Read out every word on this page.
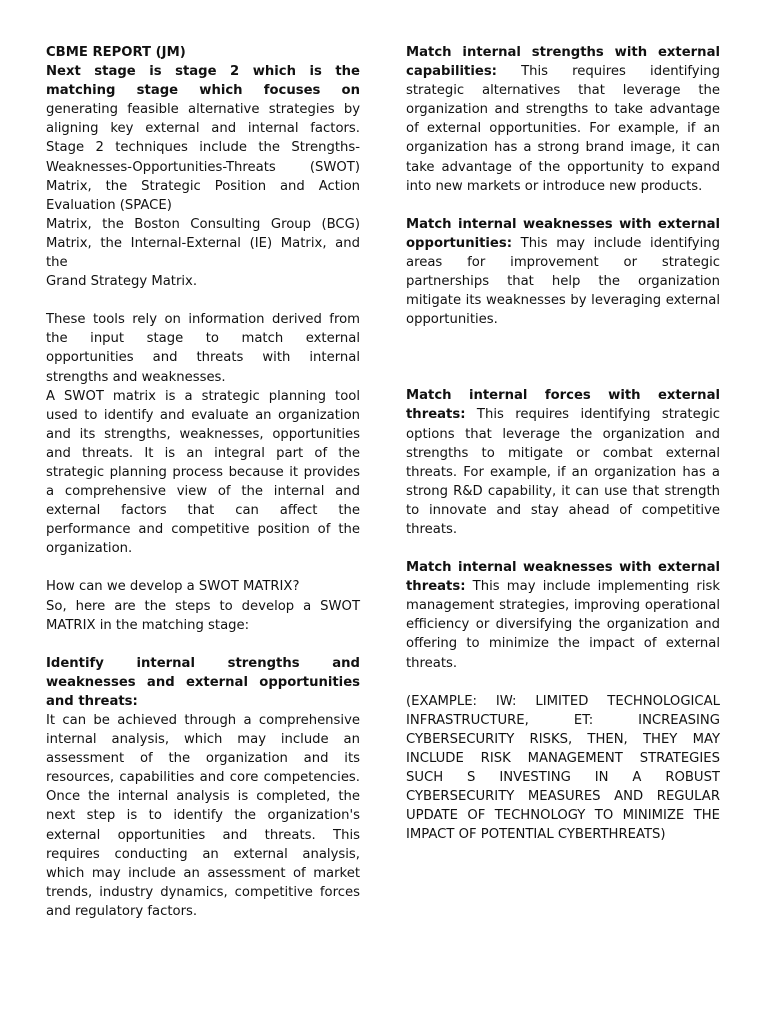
CBME REPORT (JM)

Next stage is stage 2 which is the matching stage which focuses on generating feasible alternative strategies by aligning key external and internal factors. Stage 2 techniques include the Strengths-Weaknesses-Opportunities-Threats (SWOT) Matrix, the Strategic Position and Action Evaluation (SPACE)

Matrix, the Boston Consulting Group (BCG) Matrix, the Internal-External (IE) Matrix, and the

Grand Strategy Matrix.

These tools rely on information derived from the input stage to match external opportunities and threats with internal strengths and weaknesses.

A SWOT matrix is a strategic planning tool used to identify and evaluate an organization and its strengths, weaknesses, opportunities and threats. It is an integral part of the strategic planning process because it provides a comprehensive view of the internal and external factors that can affect the performance and competitive position of the organization.

How can we develop a SWOT MATRIX?

So, here are the steps to develop a SWOT MATRIX in the matching stage:

Identify internal strengths and weaknesses and external opportunities and threats:

It can be achieved through a comprehensive internal analysis, which may include an assessment of the organization and its resources, capabilities and core competencies. Once the internal analysis is completed, the next step is to identify the organization's external opportunities and threats. This requires conducting an external analysis, which may include an assessment of market trends, industry dynamics, competitive forces and regulatory factors.

Match internal strengths with external capabilities: This requires identifying strategic alternatives that leverage the organization and strengths to take advantage of external opportunities. For example, if an organization has a strong brand image, it can take advantage of the opportunity to expand into new markets or introduce new products.

Match internal weaknesses with external opportunities: This may include identifying areas for improvement or strategic partnerships that help the organization mitigate its weaknesses by leveraging external opportunities.

Match internal forces with external threats: This requires identifying strategic options that leverage the organization and strengths to mitigate or combat external threats. For example, if an organization has a strong R&D capability, it can use that strength to innovate and stay ahead of competitive threats.

Match internal weaknesses with external threats: This may include implementing risk management strategies, improving operational efficiency or diversifying the organization and offering to minimize the impact of external threats.

(EXAMPLE: IW: LIMITED TECHNOLOGICAL INFRASTRUCTURE, ET: INCREASING CYBERSECURITY RISKS, THEN, THEY MAY INCLUDE RISK MANAGEMENT STRATEGIES SUCH S INVESTING IN A ROBUST CYBERSECURITY MEASURES AND REGULAR UPDATE OF TECHNOLOGY TO MINIMIZE THE IMPACT OF POTENTIAL CYBERTHREATS)
